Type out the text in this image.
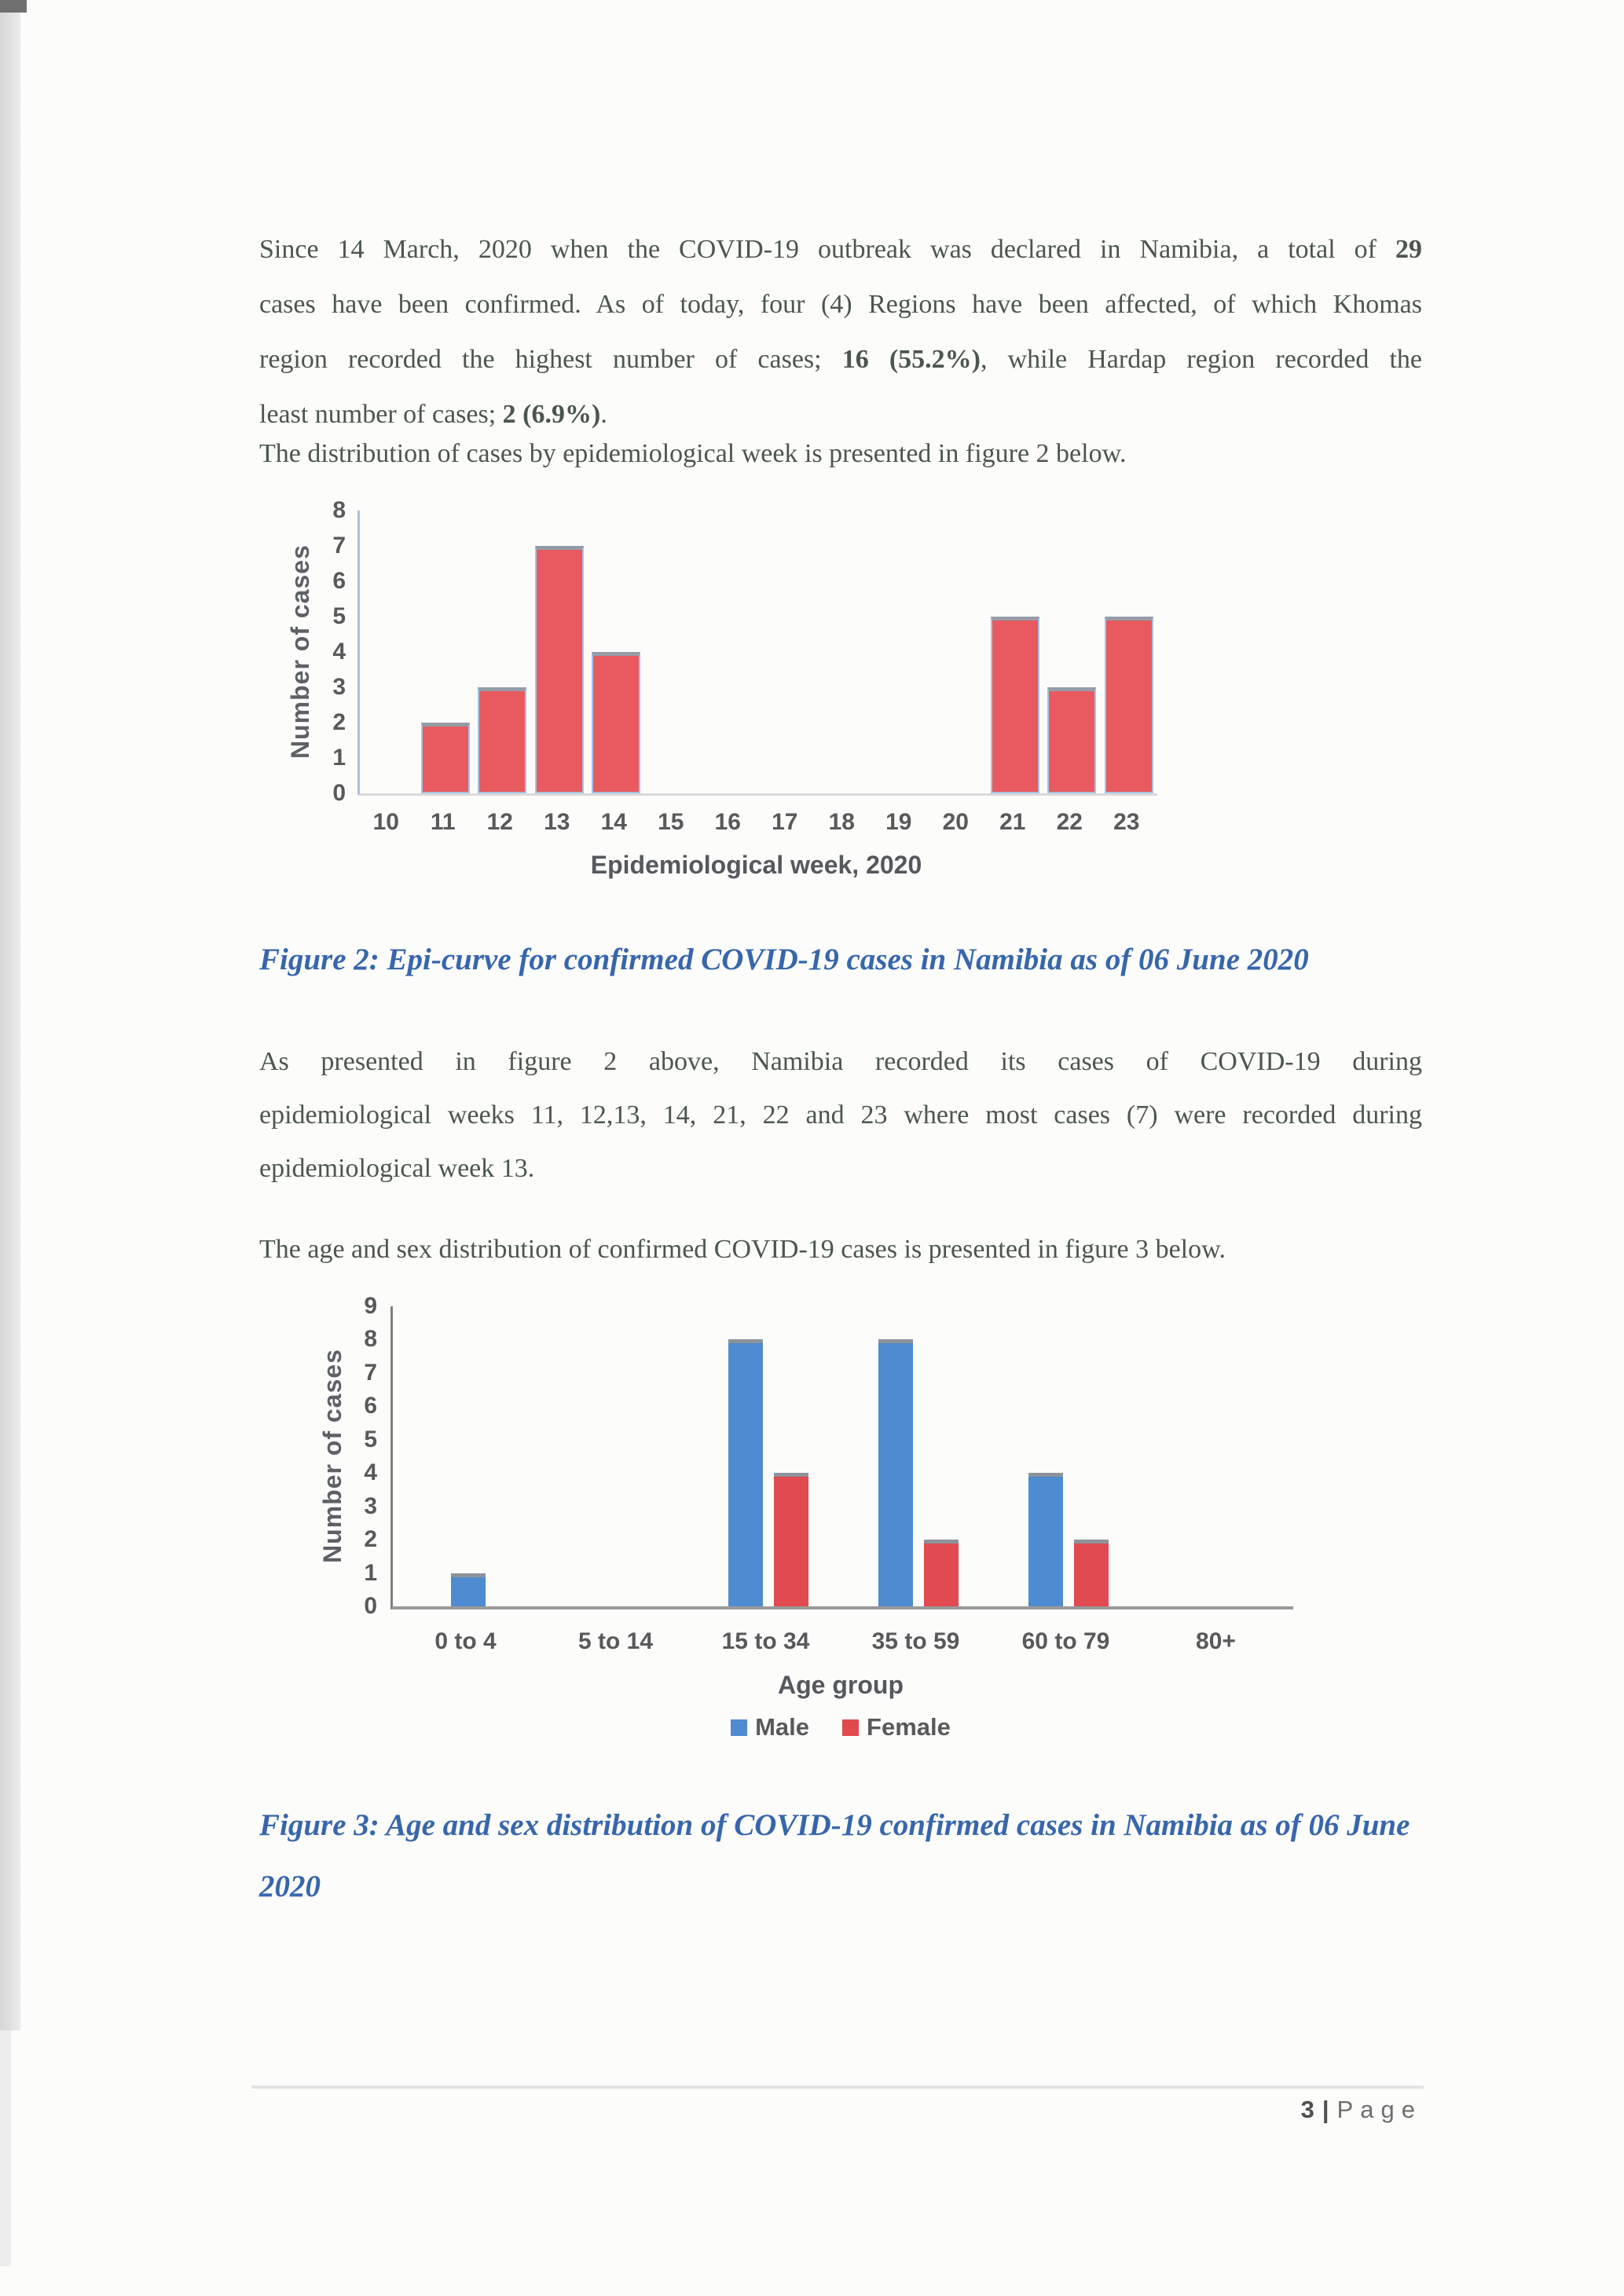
Since 14 March, 2020 when the COVID-19 outbreak was declared in Namibia, a total of 29
cases have been confirmed. As of today, four (4) Regions have been affected, of which Khomas
region recorded the highest number of cases; 16 (55.2%), while Hardap region recorded the
least number of cases; 2 (6.9%).
The distribution of cases by epidemiological week is presented in figure 2 below.
Number of cases
8
7
6
5
4
3
2
1
0
10	11	12	13	14	15	16	17	18	19	20	21	22	23
Epidemiological week, 2020
Figure 2: Epi-curve for confirmed COVID-19 cases in Namibia as of 06 June 2020
As presented in figure 2 above, Namibia recorded its cases of COVID-19 during
epidemiological weeks 11, 12,13, 14, 21, 22 and 23 where most cases (7) were recorded during
epidemiological week 13.
The age and sex distribution of confirmed COVID-19 cases is presented in figure 3 below.
Number of cases
9
8
7
6
5
4
3
2
1
0
0 to 4	5 to 14	15 to 34	35 to 59	60 to 79	80+
Age group
Male Female
Figure 3: Age and sex distribution of COVID-19 confirmed cases in Namibia as of 06 June
2020
3 | Page
